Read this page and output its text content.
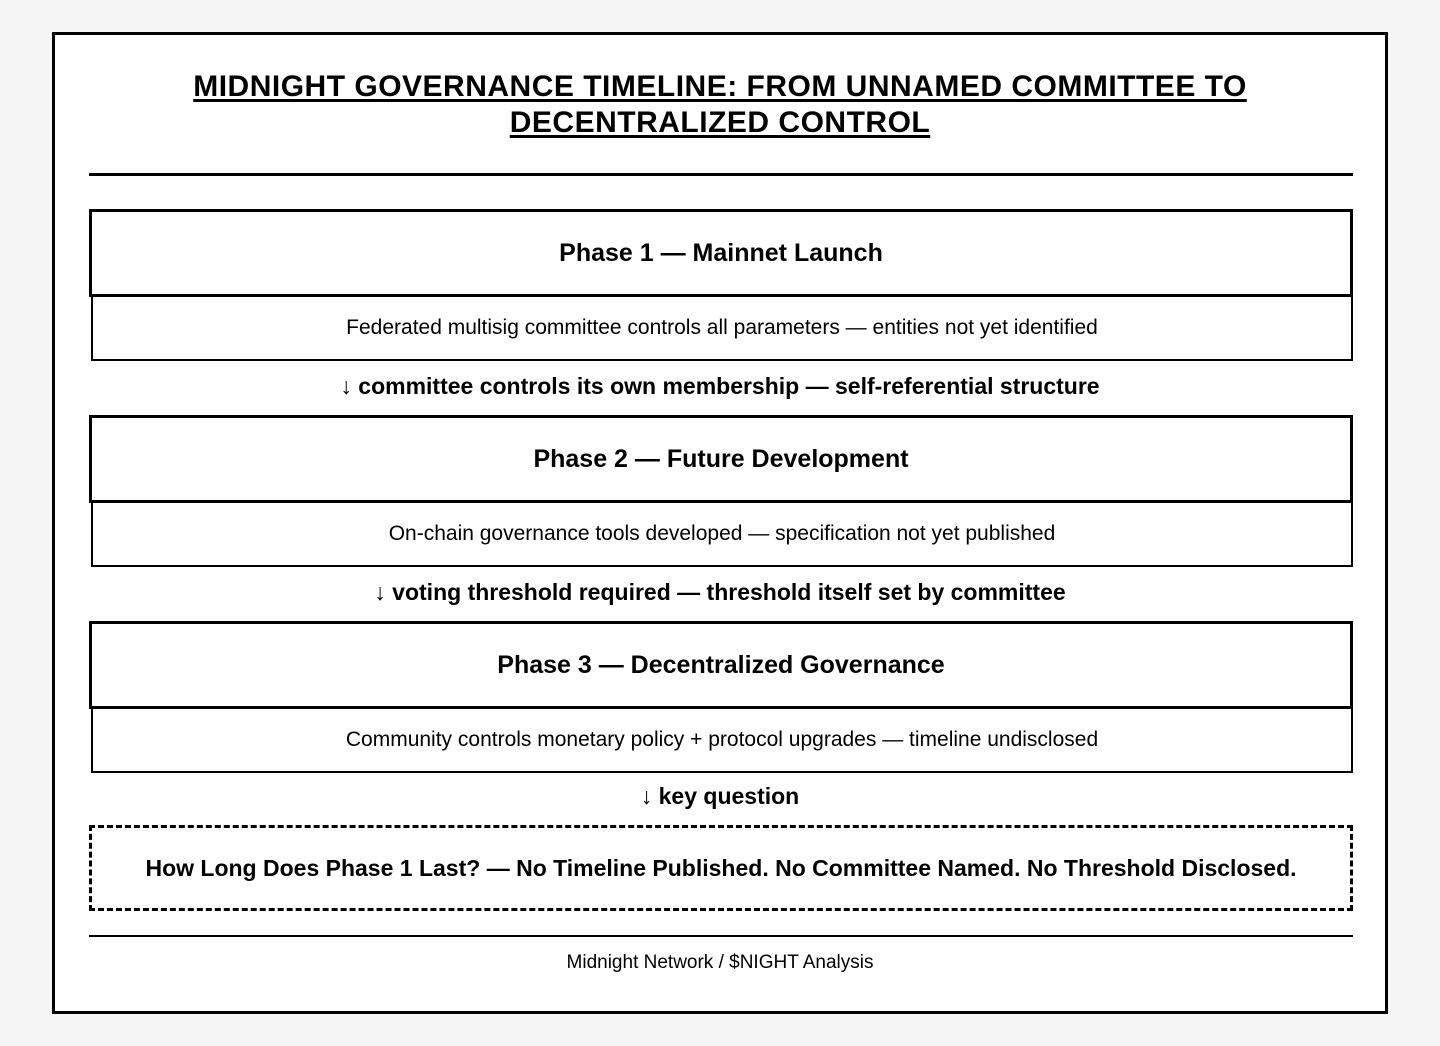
MIDNIGHT GOVERNANCE TIMELINE: FROM UNNAMED COMMITTEE TO
DECENTRALIZED CONTROL
Phase 1 — Mainnet Launch
Federated multisig committee controls all parameters — entities not yet identified
↓ committee controls its own membership — self-referential structure
Phase 2 — Future Development
On-chain governance tools developed — specification not yet published
↓ voting threshold required — threshold itself set by committee
Phase 3 — Decentralized Governance
Community controls monetary policy + protocol upgrades — timeline undisclosed
↓ key question
How Long Does Phase 1 Last? — No Timeline Published. No Committee Named. No Threshold Disclosed.
Midnight Network / $NIGHT Analysis
